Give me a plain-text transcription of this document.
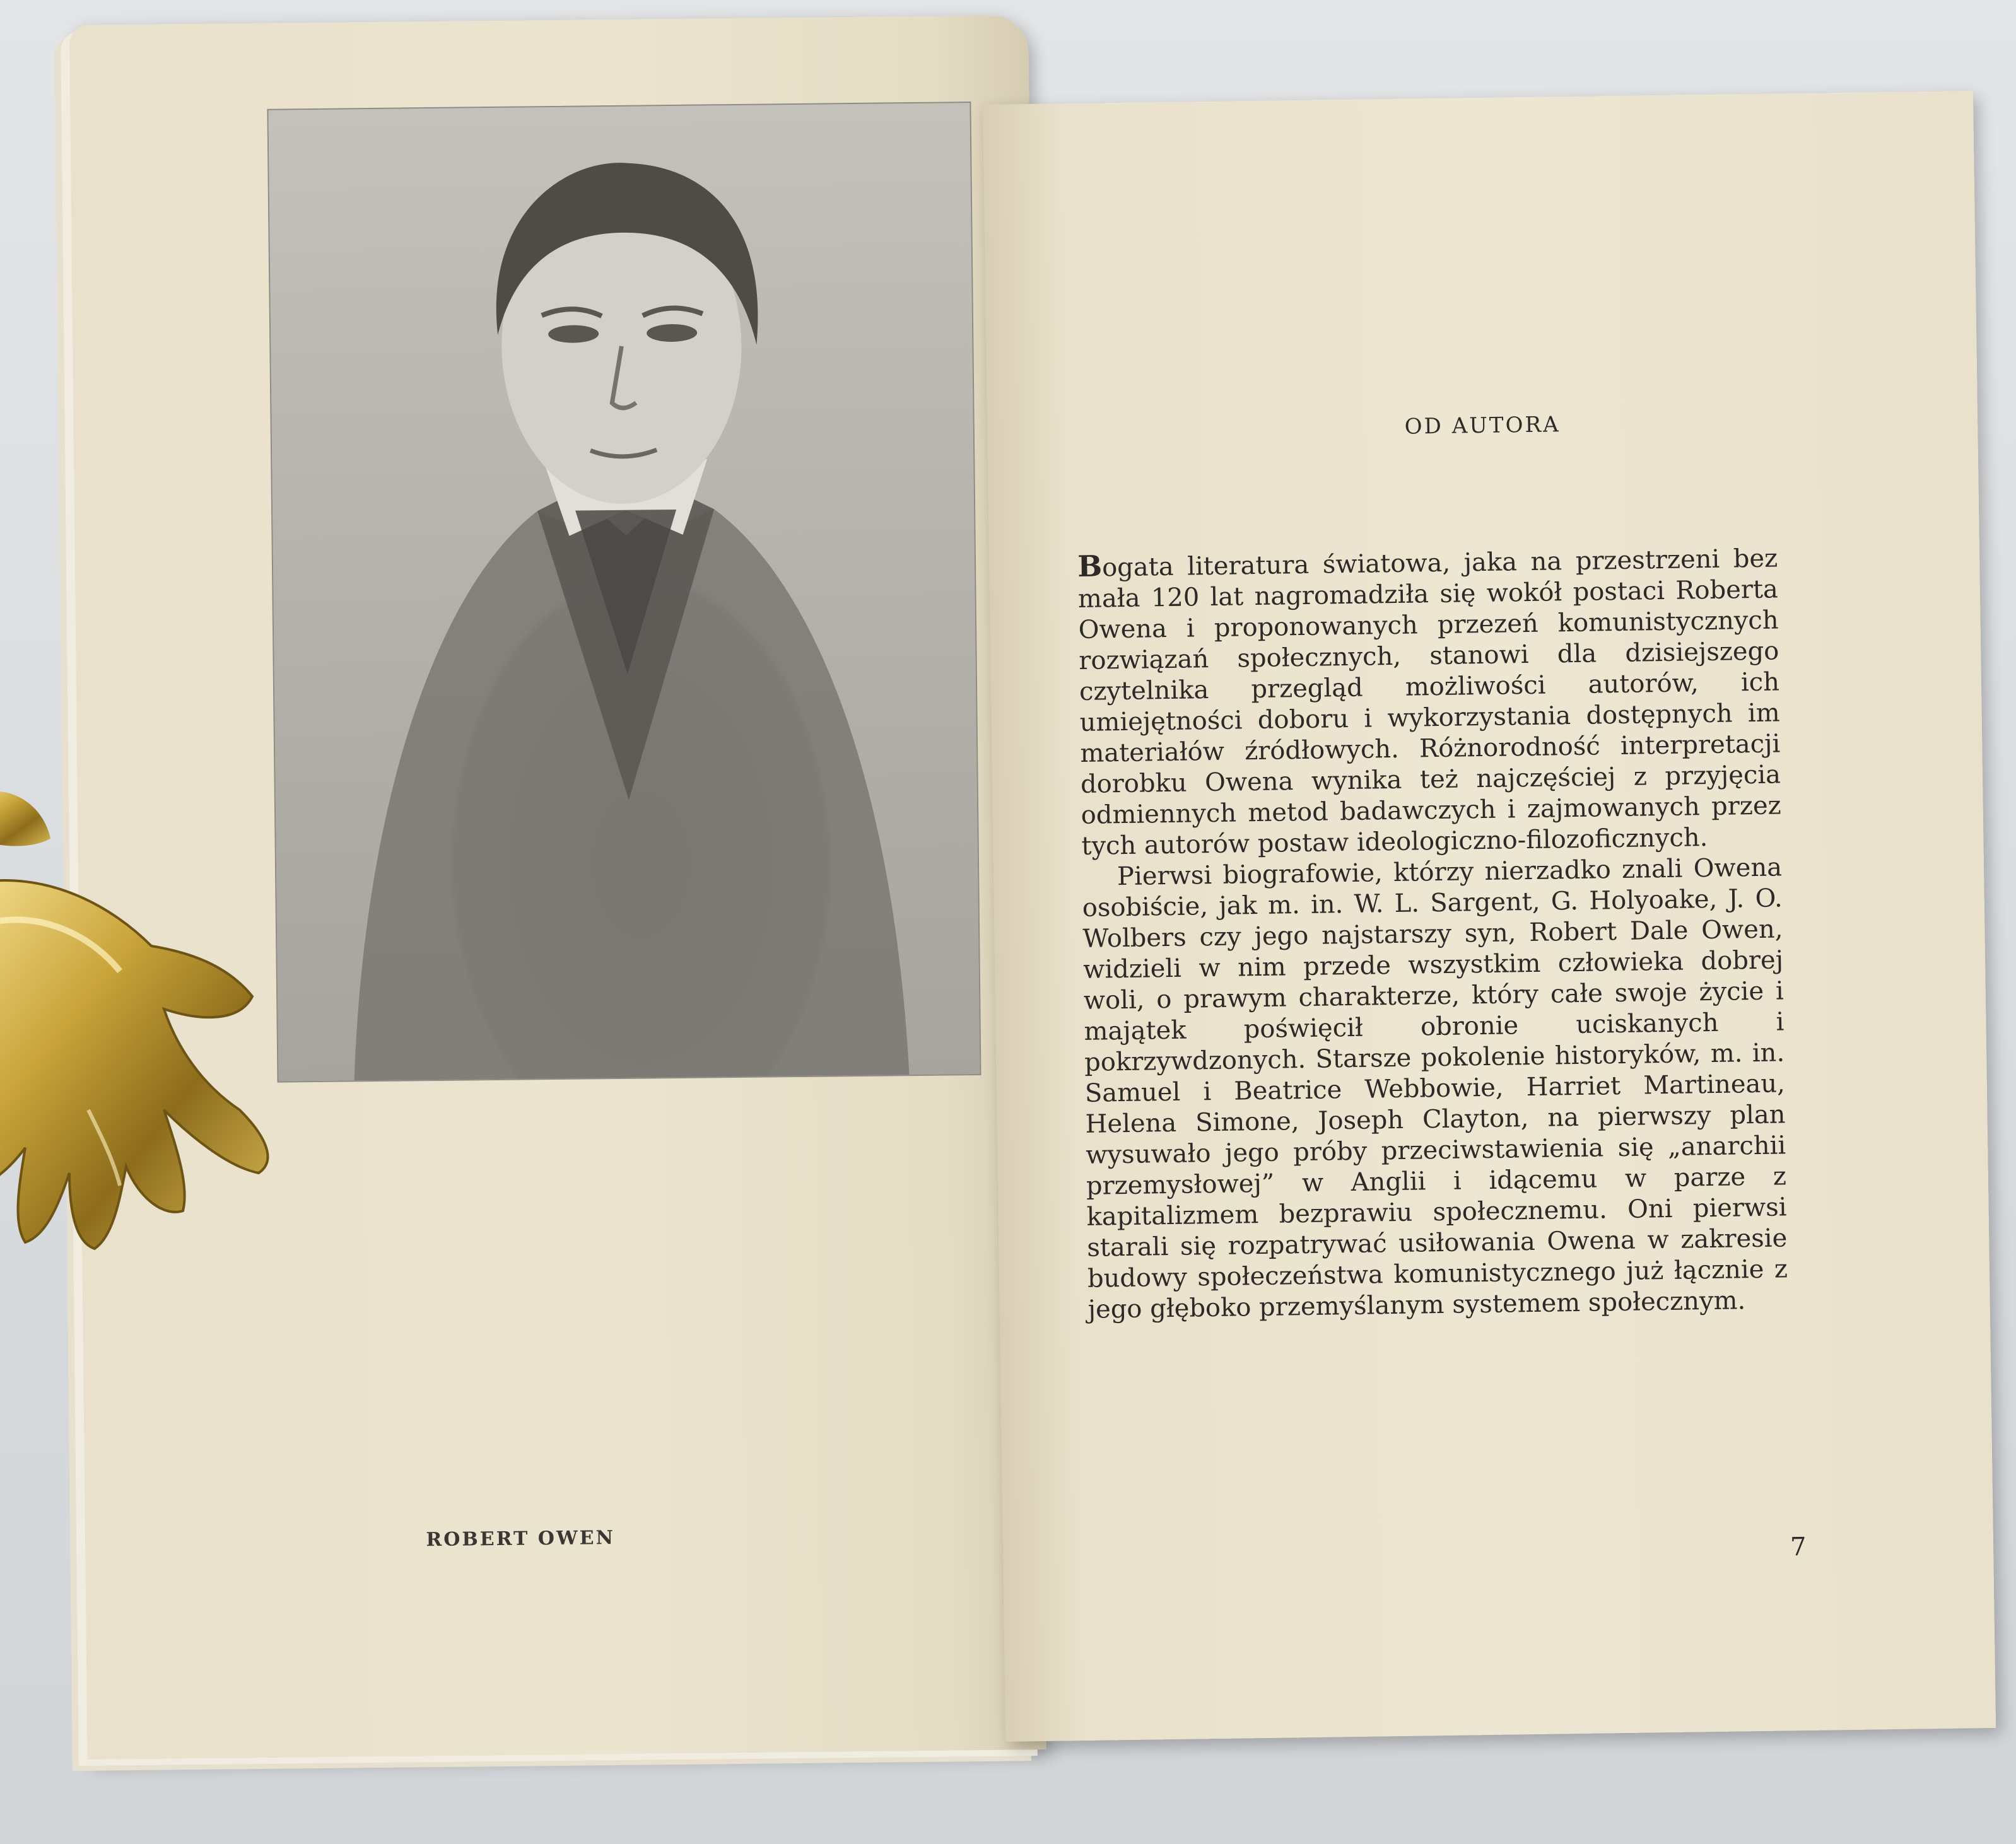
ROBERT OWEN
OD AUTORA

Bogata literatura światowa, jaka na przestrzeni bez mała 120 lat nagromadziła się wokół postaci Roberta Owena i proponowanych przezeń komunistycznych rozwiązań społecznych, stanowi dla dzisiejszego czytelnika przegląd możliwości autorów, ich umiejętności doboru i wykorzystania dostępnych im materiałów źródłowych. Różnorodność interpretacji dorobku Owena wynika też najczęściej z przyjęcia odmiennych metod badawczych i zajmowanych przez tych autorów postaw ideologiczno-filozoficznych.

Pierwsi biografowie, którzy nierzadko znali Owena osobiście, jak m. in. W. L. Sargent, G. Holyoake, J. O. Wolbers czy jego najstarszy syn, Robert Dale Owen, widzieli w nim przede wszystkim człowieka dobrej woli, o prawym charakterze, który całe swoje życie i majątek poświęcił obronie uciskanych i pokrzywdzonych. Starsze pokolenie historyków, m. in. Samuel i Beatrice Webbowie, Harriet Martineau, Helena Simone, Joseph Clayton, na pierwszy plan wysuwało jego próby przeciwstawienia się „anarchii przemysłowej” w Anglii i idącemu w parze z kapitalizmem bezprawiu społecznemu. Oni pierwsi starali się rozpatrywać usiłowania Owena w zakresie budowy społeczeństwa komunistycznego już łącznie z jego głęboko przemyślanym systemem społecznym.

7
